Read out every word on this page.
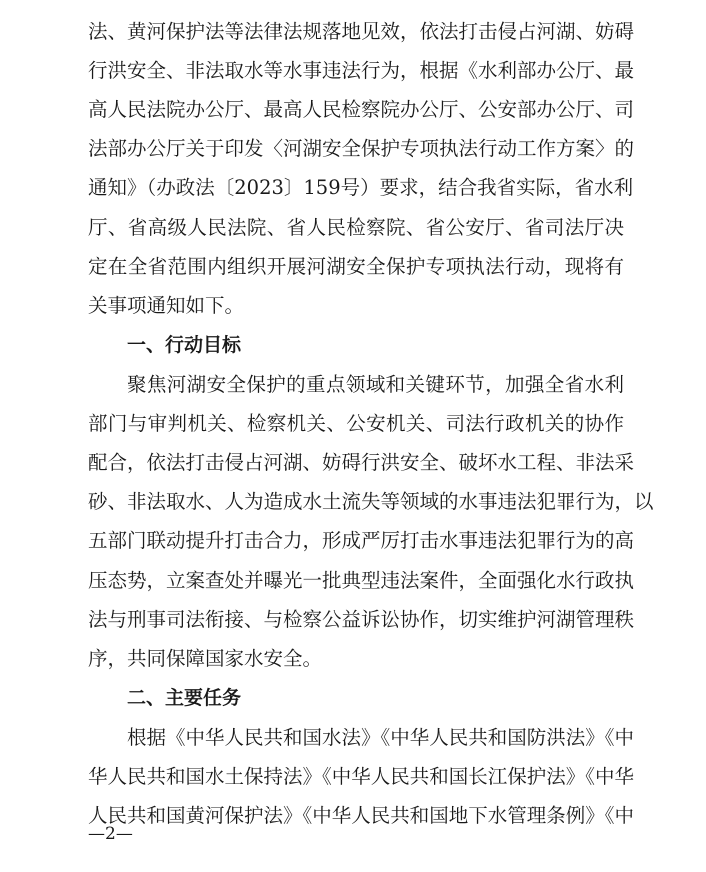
法、黄河保护法等法律法规落地见效，依法打击侵占河湖、妨碍
行洪安全、非法取水等水事违法行为，根据《水利部办公厅、最
高人民法院办公厅、最高人民检察院办公厅、公安部办公厅、司
法部办公厅关于印发〈河湖安全保护专项执法行动工作方案〉的
通知》（办政法〔2023〕159号）要求，结合我省实际，省水利
厅、省高级人民法院、省人民检察院、省公安厅、省司法厅决
定在全省范围内组织开展河湖安全保护专项执法行动，现将有
关事项通知如下。
一、行动目标
聚焦河湖安全保护的重点领域和关键环节，加强全省水利
部门与审判机关、检察机关、公安机关、司法行政机关的协作
配合，依法打击侵占河湖、妨碍行洪安全、破坏水工程、非法采
砂、非法取水、人为造成水土流失等领域的水事违法犯罪行为，以
五部门联动提升打击合力，形成严厉打击水事违法犯罪行为的高
压态势，立案查处并曝光一批典型违法案件，全面强化水行政执
法与刑事司法衔接、与检察公益诉讼协作，切实维护河湖管理秩
序，共同保障国家水安全。
二、主要任务
根据《中华人民共和国水法》《中华人民共和国防洪法》《中
华人民共和国水土保持法》《中华人民共和国长江保护法》《中华
人民共和国黄河保护法》《中华人民共和国地下水管理条例》《中
—2—
